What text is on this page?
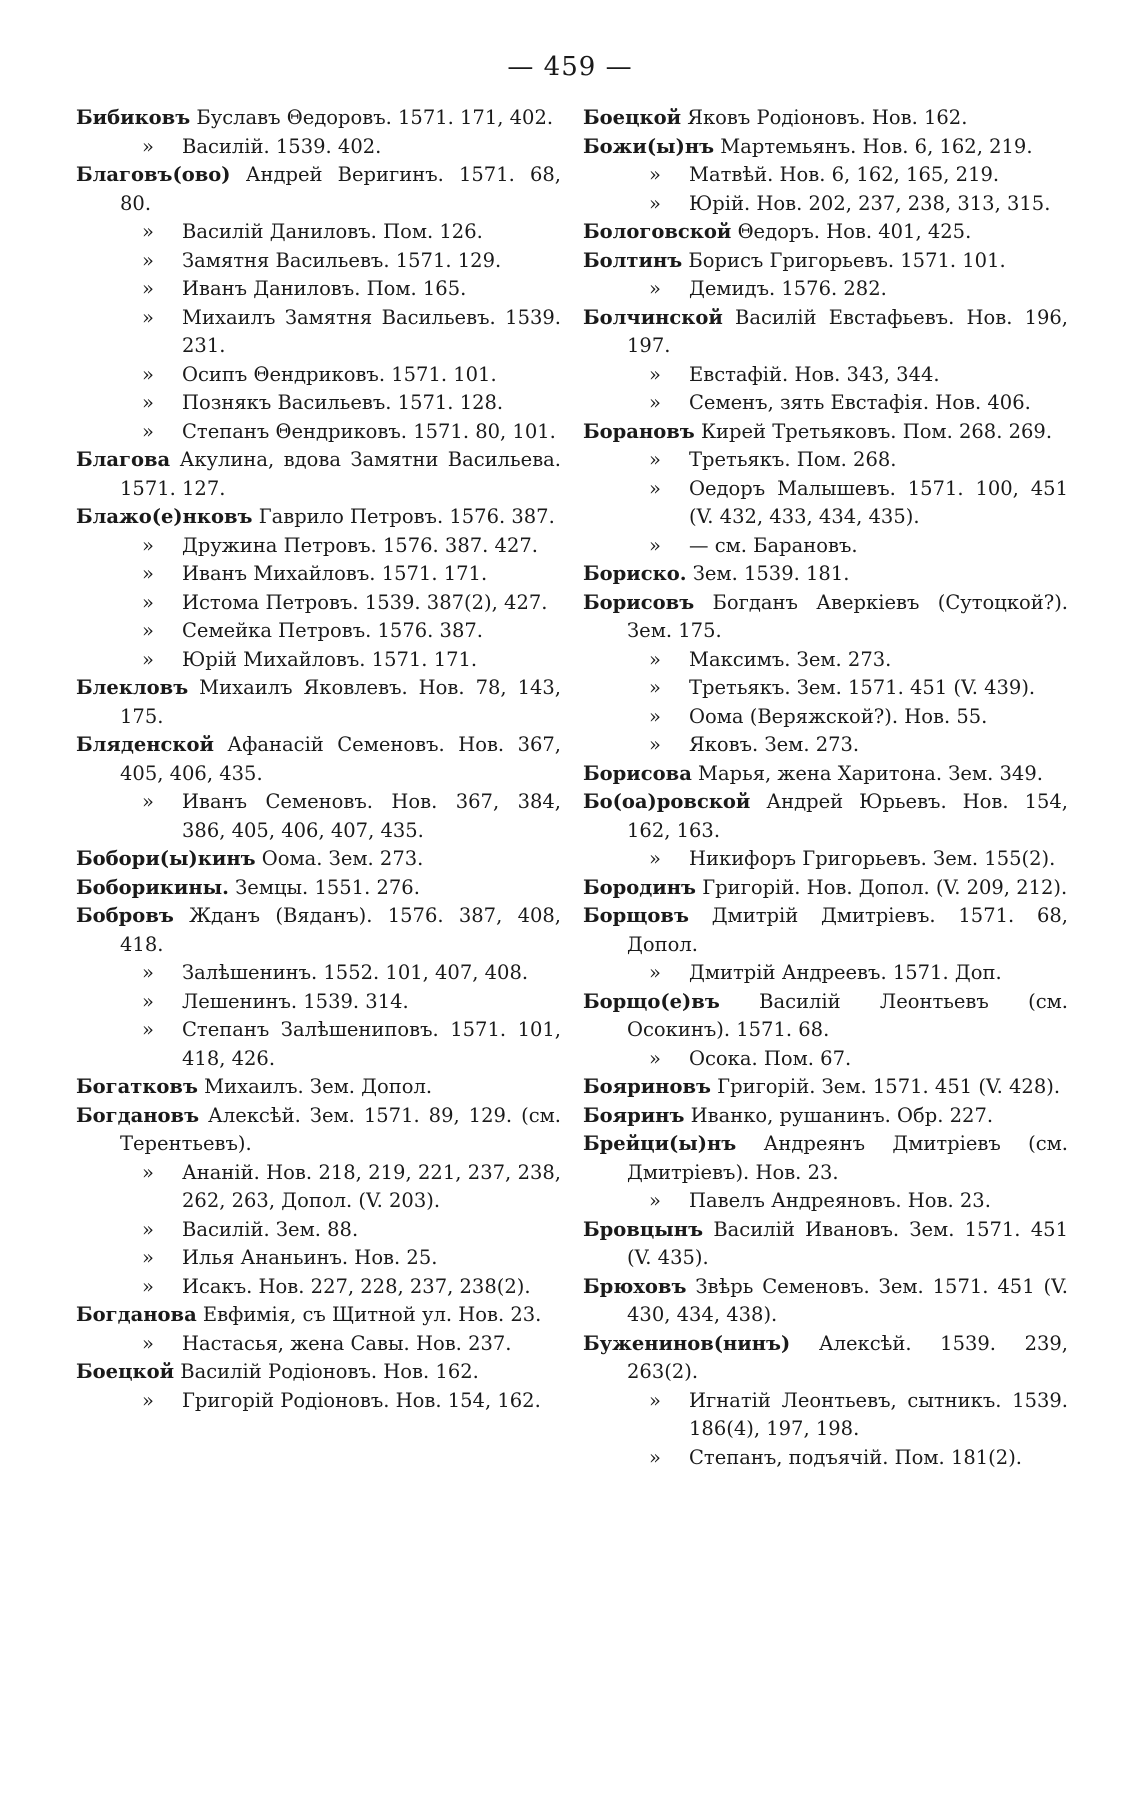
— 459 —
Бибиковъ Буславъ Θедоровъ. 1571. 171, 402.
» Василій. 1539. 402.
Благовъ(ово) Андрей Веригинъ. 1571. 68, 80.
» Василій Даниловъ. Пом. 126.
» Замятня Васильевъ. 1571. 129.
» Иванъ Даниловъ. Пом. 165.
» Михаилъ Замятня Васильевъ. 1539. 231.
» Осипъ Θендриковъ. 1571. 101.
» Познякъ Васильевъ. 1571. 128.
» Степанъ Θендриковъ. 1571. 80, 101.
Благова Акулина, вдова Замятни Васильева. 1571. 127.
Блажо(е)нковъ Гаврило Петровъ. 1576. 387.
» Дружина Петровъ. 1576. 387. 427.
» Иванъ Михайловъ. 1571. 171.
» Истома Петровъ. 1539. 387(2), 427.
» Семейка Петровъ. 1576. 387.
» Юрій Михайловъ. 1571. 171.
Блекловъ Михаилъ Яковлевъ. Нов. 78, 143, 175.
Бляденской Афанасій Семеновъ. Нов. 367, 405, 406, 435.
» Иванъ Семеновъ. Нов. 367, 384, 386, 405, 406, 407, 435.
Бобори(ы)кинъ Оома. Зем. 273.
Боборикины. Земцы. 1551. 276.
Бобровъ Жданъ (Вяданъ). 1576. 387, 408, 418.
» Залѣшенинъ. 1552. 101, 407, 408.
» Лешенинъ. 1539. 314.
» Степанъ Залѣшениповъ. 1571. 101, 418, 426.
Богатковъ Михаилъ. Зем. Допол.
Богдановъ Алексѣй. Зем. 1571. 89, 129. (см. Терентьевъ).
» Ананій. Нов. 218, 219, 221, 237, 238, 262, 263, Допол. (V. 203).
» Василій. Зем. 88.
» Илья Ананьинъ. Нов. 25.
» Исакъ. Нов. 227, 228, 237, 238(2).
Богданова Евфимія, съ Щитной ул. Нов. 23.
» Настасья, жена Савы. Нов. 237.
Боецкой Василій Родіоновъ. Нов. 162.
» Григорій Родіоновъ. Нов. 154, 162.
Боецкой Яковъ Родіоновъ. Нов. 162.
Божи(ы)нъ Мартемьянъ. Нов. 6, 162, 219.
» Матвѣй. Нов. 6, 162, 165, 219.
» Юрій. Нов. 202, 237, 238, 313, 315.
Бологовской Θедоръ. Нов. 401, 425.
Болтинъ Борисъ Григорьевъ. 1571. 101.
» Демидъ. 1576. 282.
Болчинской Василій Евстафьевъ. Нов. 196, 197.
» Евстафій. Нов. 343, 344.
» Семенъ, зять Евстафія. Нов. 406.
Борановъ Кирей Третьяковъ. Пом. 268. 269.
» Третьякъ. Пом. 268.
» Оедоръ Малышевъ. 1571. 100, 451 (V. 432, 433, 434, 435).
» — см. Барановъ.
Бориско. Зем. 1539. 181.
Борисовъ Богданъ Аверкіевъ (Сутоцкой?). Зем. 175.
» Максимъ. Зем. 273.
» Третьякъ. Зем. 1571. 451 (V. 439).
» Оома (Веряжской?). Нов. 55.
» Яковъ. Зем. 273.
Борисова Марья, жена Харитона. Зем. 349.
Бо(оа)ровской Андрей Юрьевъ. Нов. 154, 162, 163.
» Никифоръ Григорьевъ. Зем. 155(2).
Бородинъ Григорій. Нов. Допол. (V. 209, 212).
Борщовъ Дмитрій Дмитріевъ. 1571. 68, Допол.
» Дмитрій Андреевъ. 1571. Доп.
Борщо(е)въ Василій Леонтьевъ (см. Осокинъ). 1571. 68.
» Осока. Пом. 67.
Бояриновъ Григорій. Зем. 1571. 451 (V. 428).
Бояринъ Иванко, рушанинъ. Обр. 227.
Брейци(ы)нъ Андреянъ Дмитріевъ (см. Дмитріевъ). Нов. 23.
» Павелъ Андреяновъ. Нов. 23.
Бровцынъ Василій Ивановъ. Зем. 1571. 451 (V. 435).
Брюховъ Звѣрь Семеновъ. Зем. 1571. 451 (V. 430, 434, 438).
Буженинов(нинъ) Алексѣй. 1539. 239, 263(2).
» Игнатій Леонтьевъ, сытникъ. 1539. 186(4), 197, 198.
» Степанъ, подъячій. Пом. 181(2).
